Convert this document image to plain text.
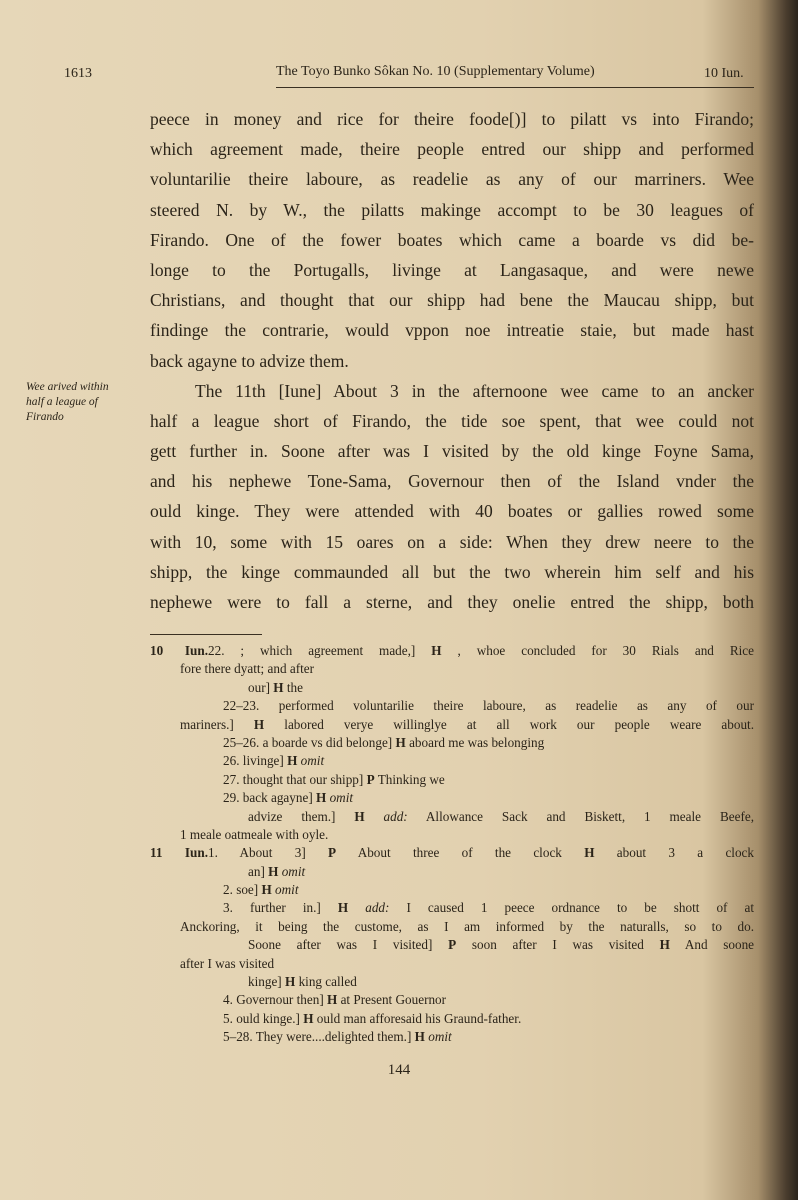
1613	The Toyo Bunko Sôkan No. 10 (Supplementary Volume)	10 Iun.
Wee arived within
half a league of
Firando
peece in money and rice for theire foode[)] to pilatt vs into Firando;
which agreement made, theire people entred our shipp and performed
voluntarilie theire laboure, as readelie as any of our marriners. Wee
steered N. by W., the pilatts makinge accompt to be 30 leagues of
Firando. One of the fower boates which came a boarde vs did be-
longe to the Portugalls, livinge at Langasaque, and were newe
Christians, and thought that our shipp had bene the Maucau shipp, but
findinge the contrarie, would vppon noe intreatie staie, but made hast
back agayne to advize them.
The 11th [Iune] About 3 in the afternoone wee came to an ancker
half a league short of Firando, the tide soe spent, that wee could not
gett further in. Soone after was I visited by the old kinge Foyne Sama,
and his nephewe Tone-Sama, Governour then of the Island vnder the
ould kinge. They were attended with 40 boates or gallies rowed some
with 10, some with 15 oares on a side: When they drew neere to the
shipp, the kinge commaunded all but the two wherein him self and his
nephewe were to fall a sterne, and they onelie entred the shipp, both
10 Iun.22. ; which agreement made,] H , whoe concluded for 30 Rials and Rice
fore there dyatt; and after
our] H the
22–23. performed voluntarilie theire laboure, as readelie as any of our
mariners.] H labored verye willinglye at all work our people weare about.
25–26. a boarde vs did belonge] H aboard me was belonging
26. livinge] H omit
27. thought that our shipp] P Thinking we
29. back agayne] H omit
advize them.] H add: Allowance Sack and Biskett, 1 meale Beefe,
1 meale oatmeale with oyle.
11 Iun.1. About 3] P About three of the clock H about 3 a clock
an] H omit
2. soe] H omit
3. further in.] H add: I caused 1 peece ordnance to be shott of at
Anckoring, it being the custome, as I am informed by the naturalls, so to do.
Soone after was I visited] P soon after I was visited H And soone
after I was visited
kinge] H king called
4. Governour then] H at Present Gouernor
5. ould kinge.] H ould man afforesaid his Graund-father.
5–28. They were....delighted them.] H omit
144
